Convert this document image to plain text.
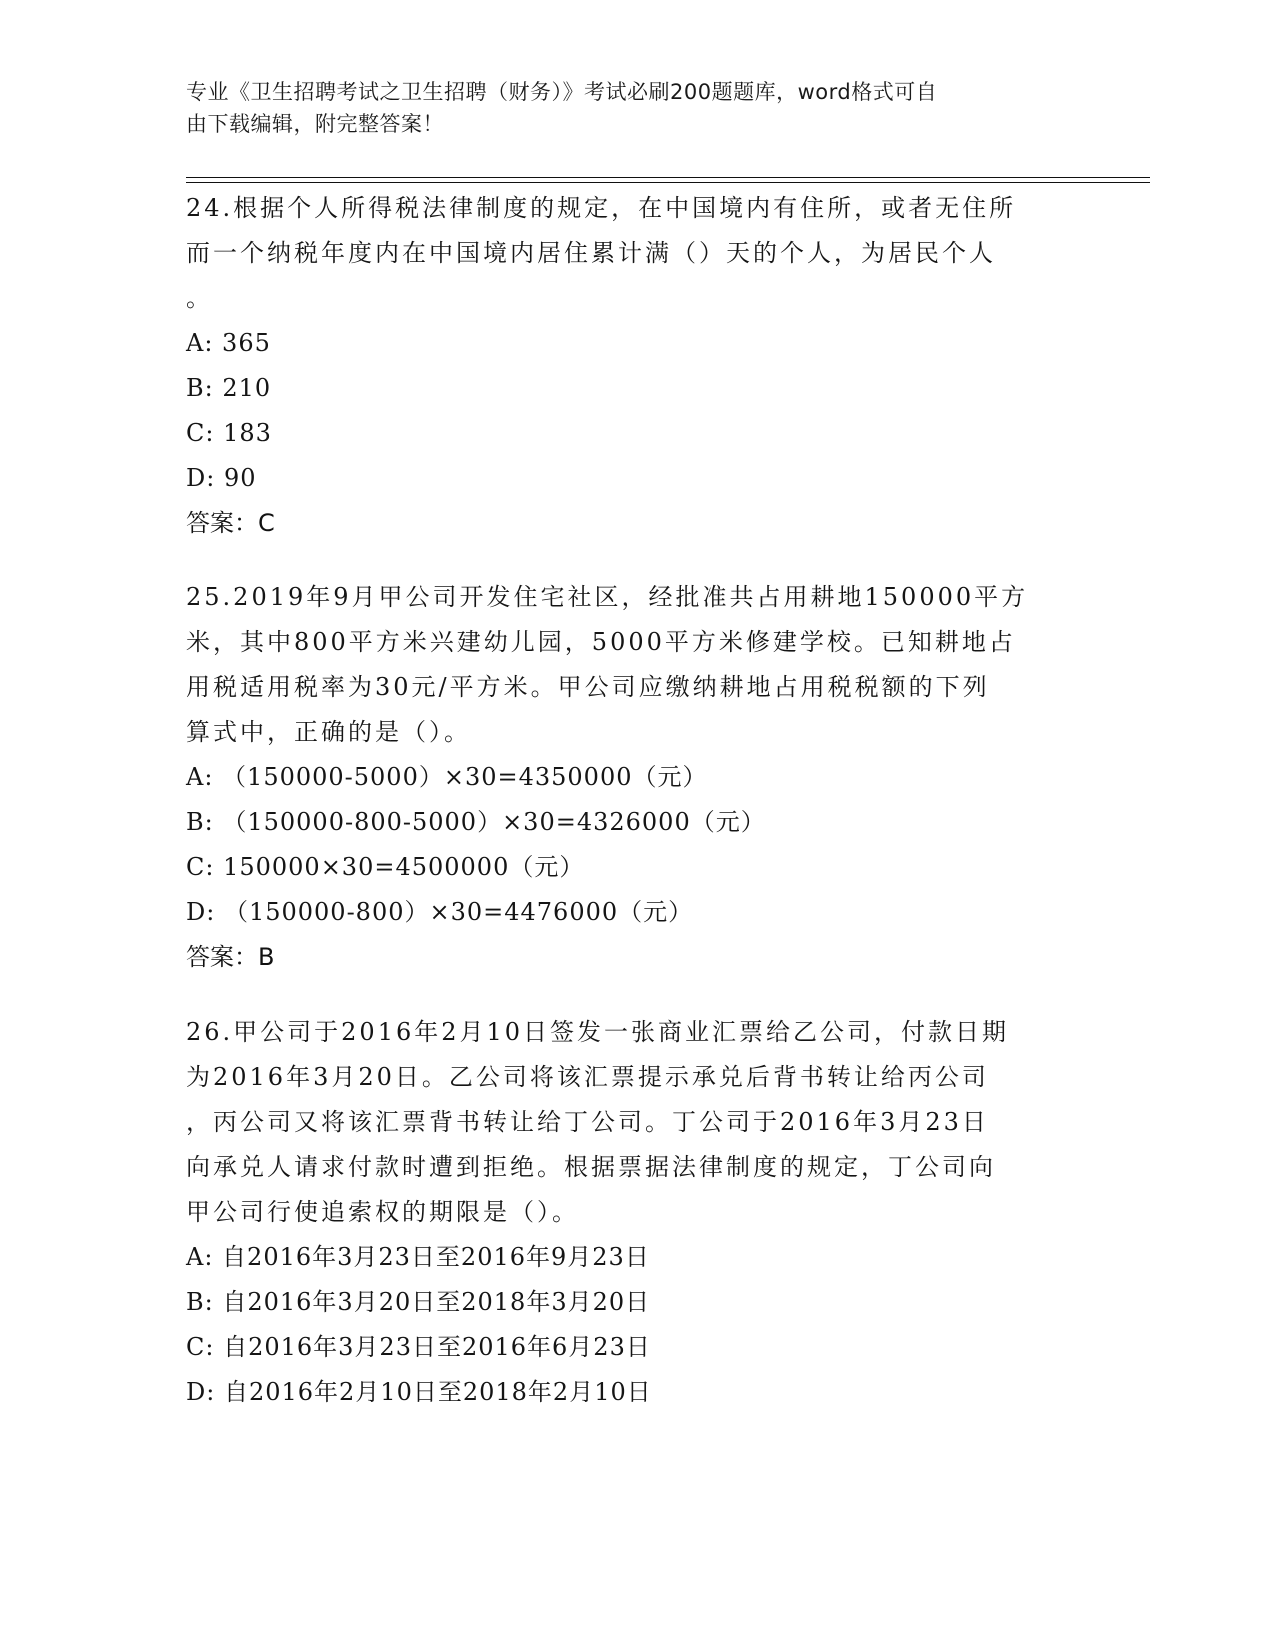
专业《卫生招聘考试之卫生招聘（财务）》考试必刷200题题库，word格式可自
由下载编辑，附完整答案！
24.根据个人所得税法律制度的规定，在中国境内有住所，或者无住所
而一个纳税年度内在中国境内居住累计满（）天的个人，为居民个人
。
A: 365
B: 210
C: 183
D: 90
答案：C
25.2019年9月甲公司开发住宅社区，经批准共占用耕地150000平方
米，其中800平方米兴建幼儿园，5000平方米修建学校。已知耕地占
用税适用税率为30元/平方米。甲公司应缴纳耕地占用税税额的下列
算式中，正确的是（）。
A: （150000-5000）×30=4350000（元）
B: （150000-800-5000）×30=4326000（元）
C: 150000×30=4500000（元）
D: （150000-800）×30=4476000（元）
答案：B
26.甲公司于2016年2月10日签发一张商业汇票给乙公司，付款日期
为2016年3月20日。乙公司将该汇票提示承兑后背书转让给丙公司
，丙公司又将该汇票背书转让给丁公司。丁公司于2016年3月23日
向承兑人请求付款时遭到拒绝。根据票据法律制度的规定，丁公司向
甲公司行使追索权的期限是（）。
A: 自2016年3月23日至2016年9月23日
B: 自2016年3月20日至2018年3月20日
C: 自2016年3月23日至2016年6月23日
D: 自2016年2月10日至2018年2月10日
